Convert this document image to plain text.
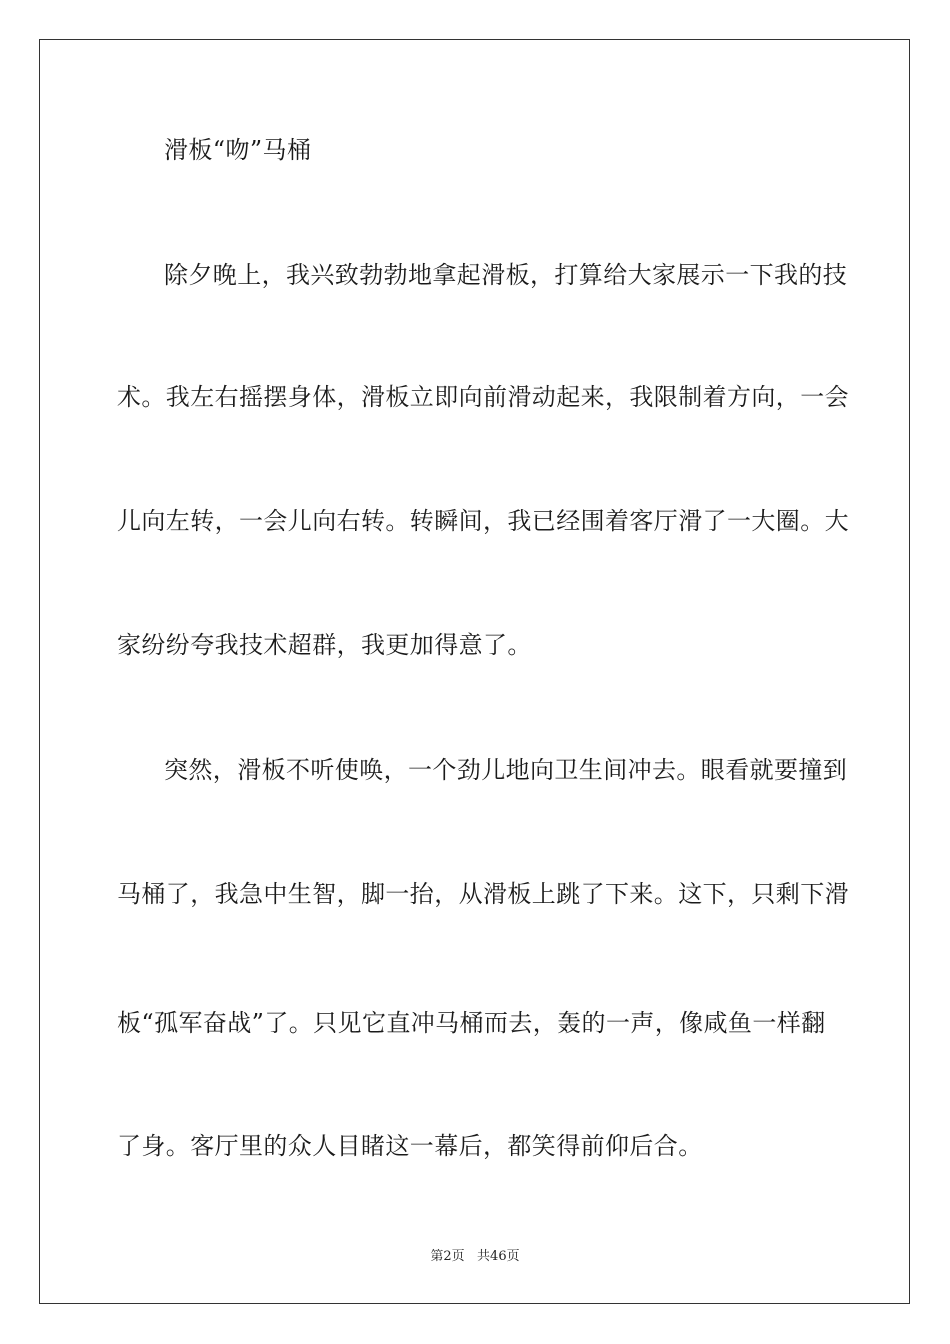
滑板“吻”马桶
除夕晚上，我兴致勃勃地拿起滑板，打算给大家展示一下我的技
术。我左右摇摆身体，滑板立即向前滑动起来，我限制着方向，一会
儿向左转，一会儿向右转。转瞬间，我已经围着客厅滑了一大圈。大
家纷纷夸我技术超群，我更加得意了。
突然，滑板不听使唤，一个劲儿地向卫生间冲去。眼看就要撞到
马桶了，我急中生智，脚一抬，从滑板上跳了下来。这下，只剩下滑
板“孤军奋战”了。只见它直冲马桶而去，轰的一声，像咸鱼一样翻
了身。客厅里的众人目睹这一幕后，都笑得前仰后合。
第2页   共46页
